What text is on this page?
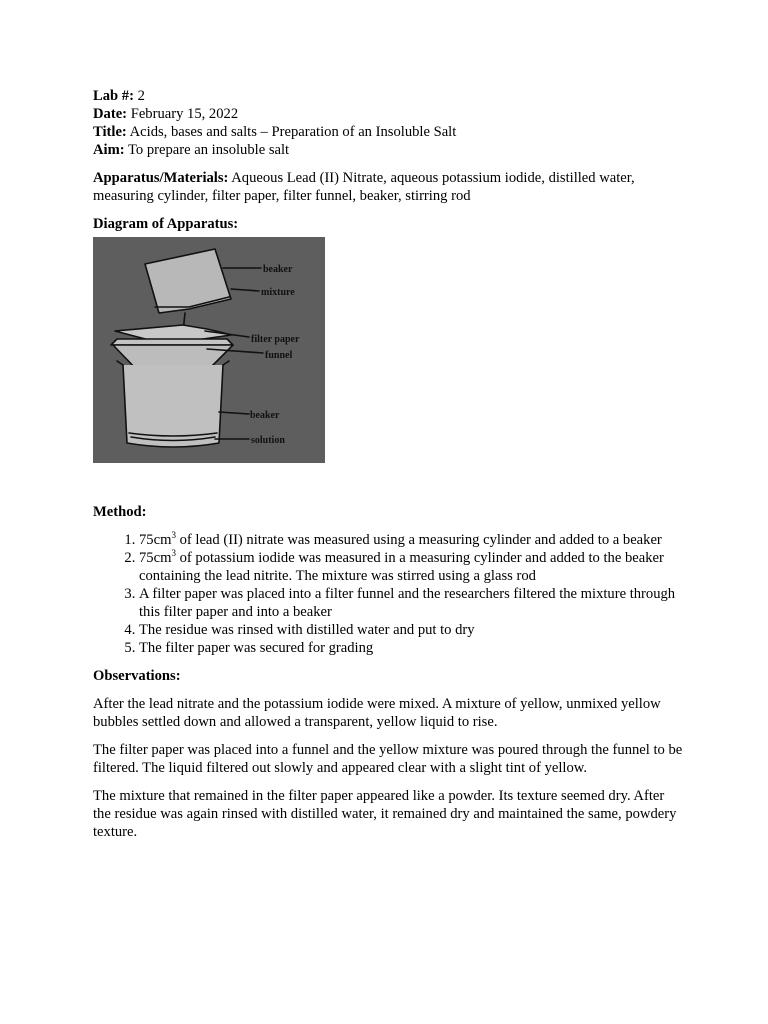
Lab #: 2

Date: February 15, 2022

Title: Acids, bases and salts – Preparation of an Insoluble Salt

Aim: To prepare an insoluble salt

Apparatus/Materials: Aqueous Lead (II) Nitrate, aqueous potassium iodide, distilled water, measuring cylinder, filter paper, filter funnel, beaker, stirring rod

Diagram of Apparatus:

beaker
mixture
filter paper
funnel
beaker
solution

Method:

1. $75cm^3$ of lead (II) nitrate was measured using a measuring cylinder and added to a beaker
2. $75cm^3$ of potassium iodide was measured in a measuring cylinder and added to the beaker containing the lead nitrite. The mixture was stirred using a glass rod
3. A filter paper was placed into a filter funnel and the researchers filtered the mixture through this filter paper and into a beaker
4. The residue was rinsed with distilled water and put to dry
5. The filter paper was secured for grading

Observations:

After the lead nitrate and the potassium iodide were mixed. A mixture of yellow, unmixed yellow bubbles settled down and allowed a transparent, yellow liquid to rise.

The filter paper was placed into a funnel and the yellow mixture was poured through the funnel to be filtered. The liquid filtered out slowly and appeared clear with a slight tint of yellow.

The mixture that remained in the filter paper appeared like a powder. Its texture seemed dry. After the residue was again rinsed with distilled water, it remained dry and maintained the same, powdery texture.
